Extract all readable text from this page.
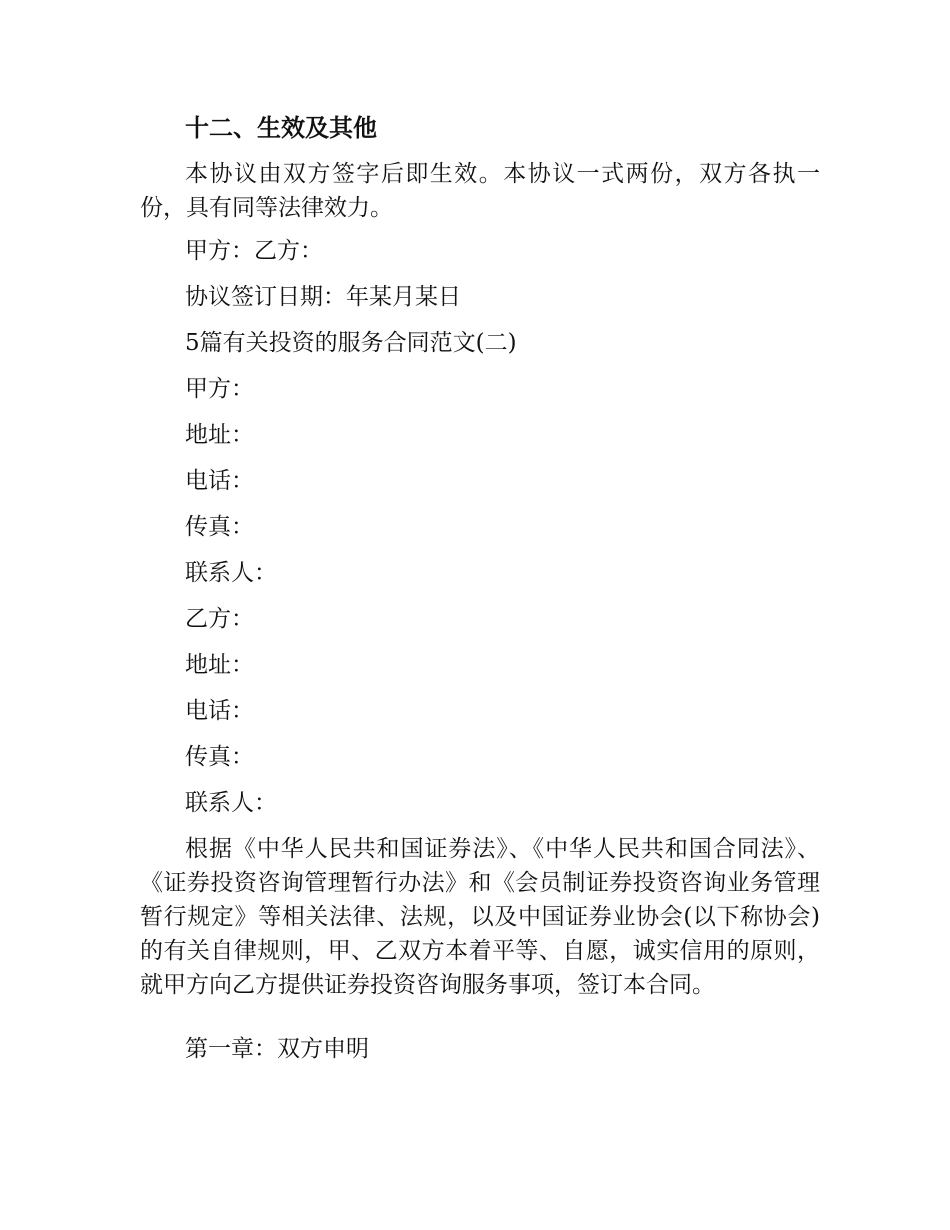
十二、生效及其他
本协议由双方签字后即生效。本协议一式两份，双方各执一份，具有同等法律效力。
甲方：乙方：
协议签订日期：年某月某日
5篇有关投资的服务合同范文(二)
甲方：
地址：
电话：
传真：
联系人：
乙方：
地址：
电话：
传真：
联系人：
根据《中华人民共和国证券法》、《中华人民共和国合同法》、《证券投资咨询管理暂行办法》和《会员制证券投资咨询业务管理暂行规定》等相关法律、法规，以及中国证券业协会(以下称协会)的有关自律规则，甲、乙双方本着平等、自愿，诚实信用的原则，就甲方向乙方提供证券投资咨询服务事项，签订本合同。
第一章：双方申明
